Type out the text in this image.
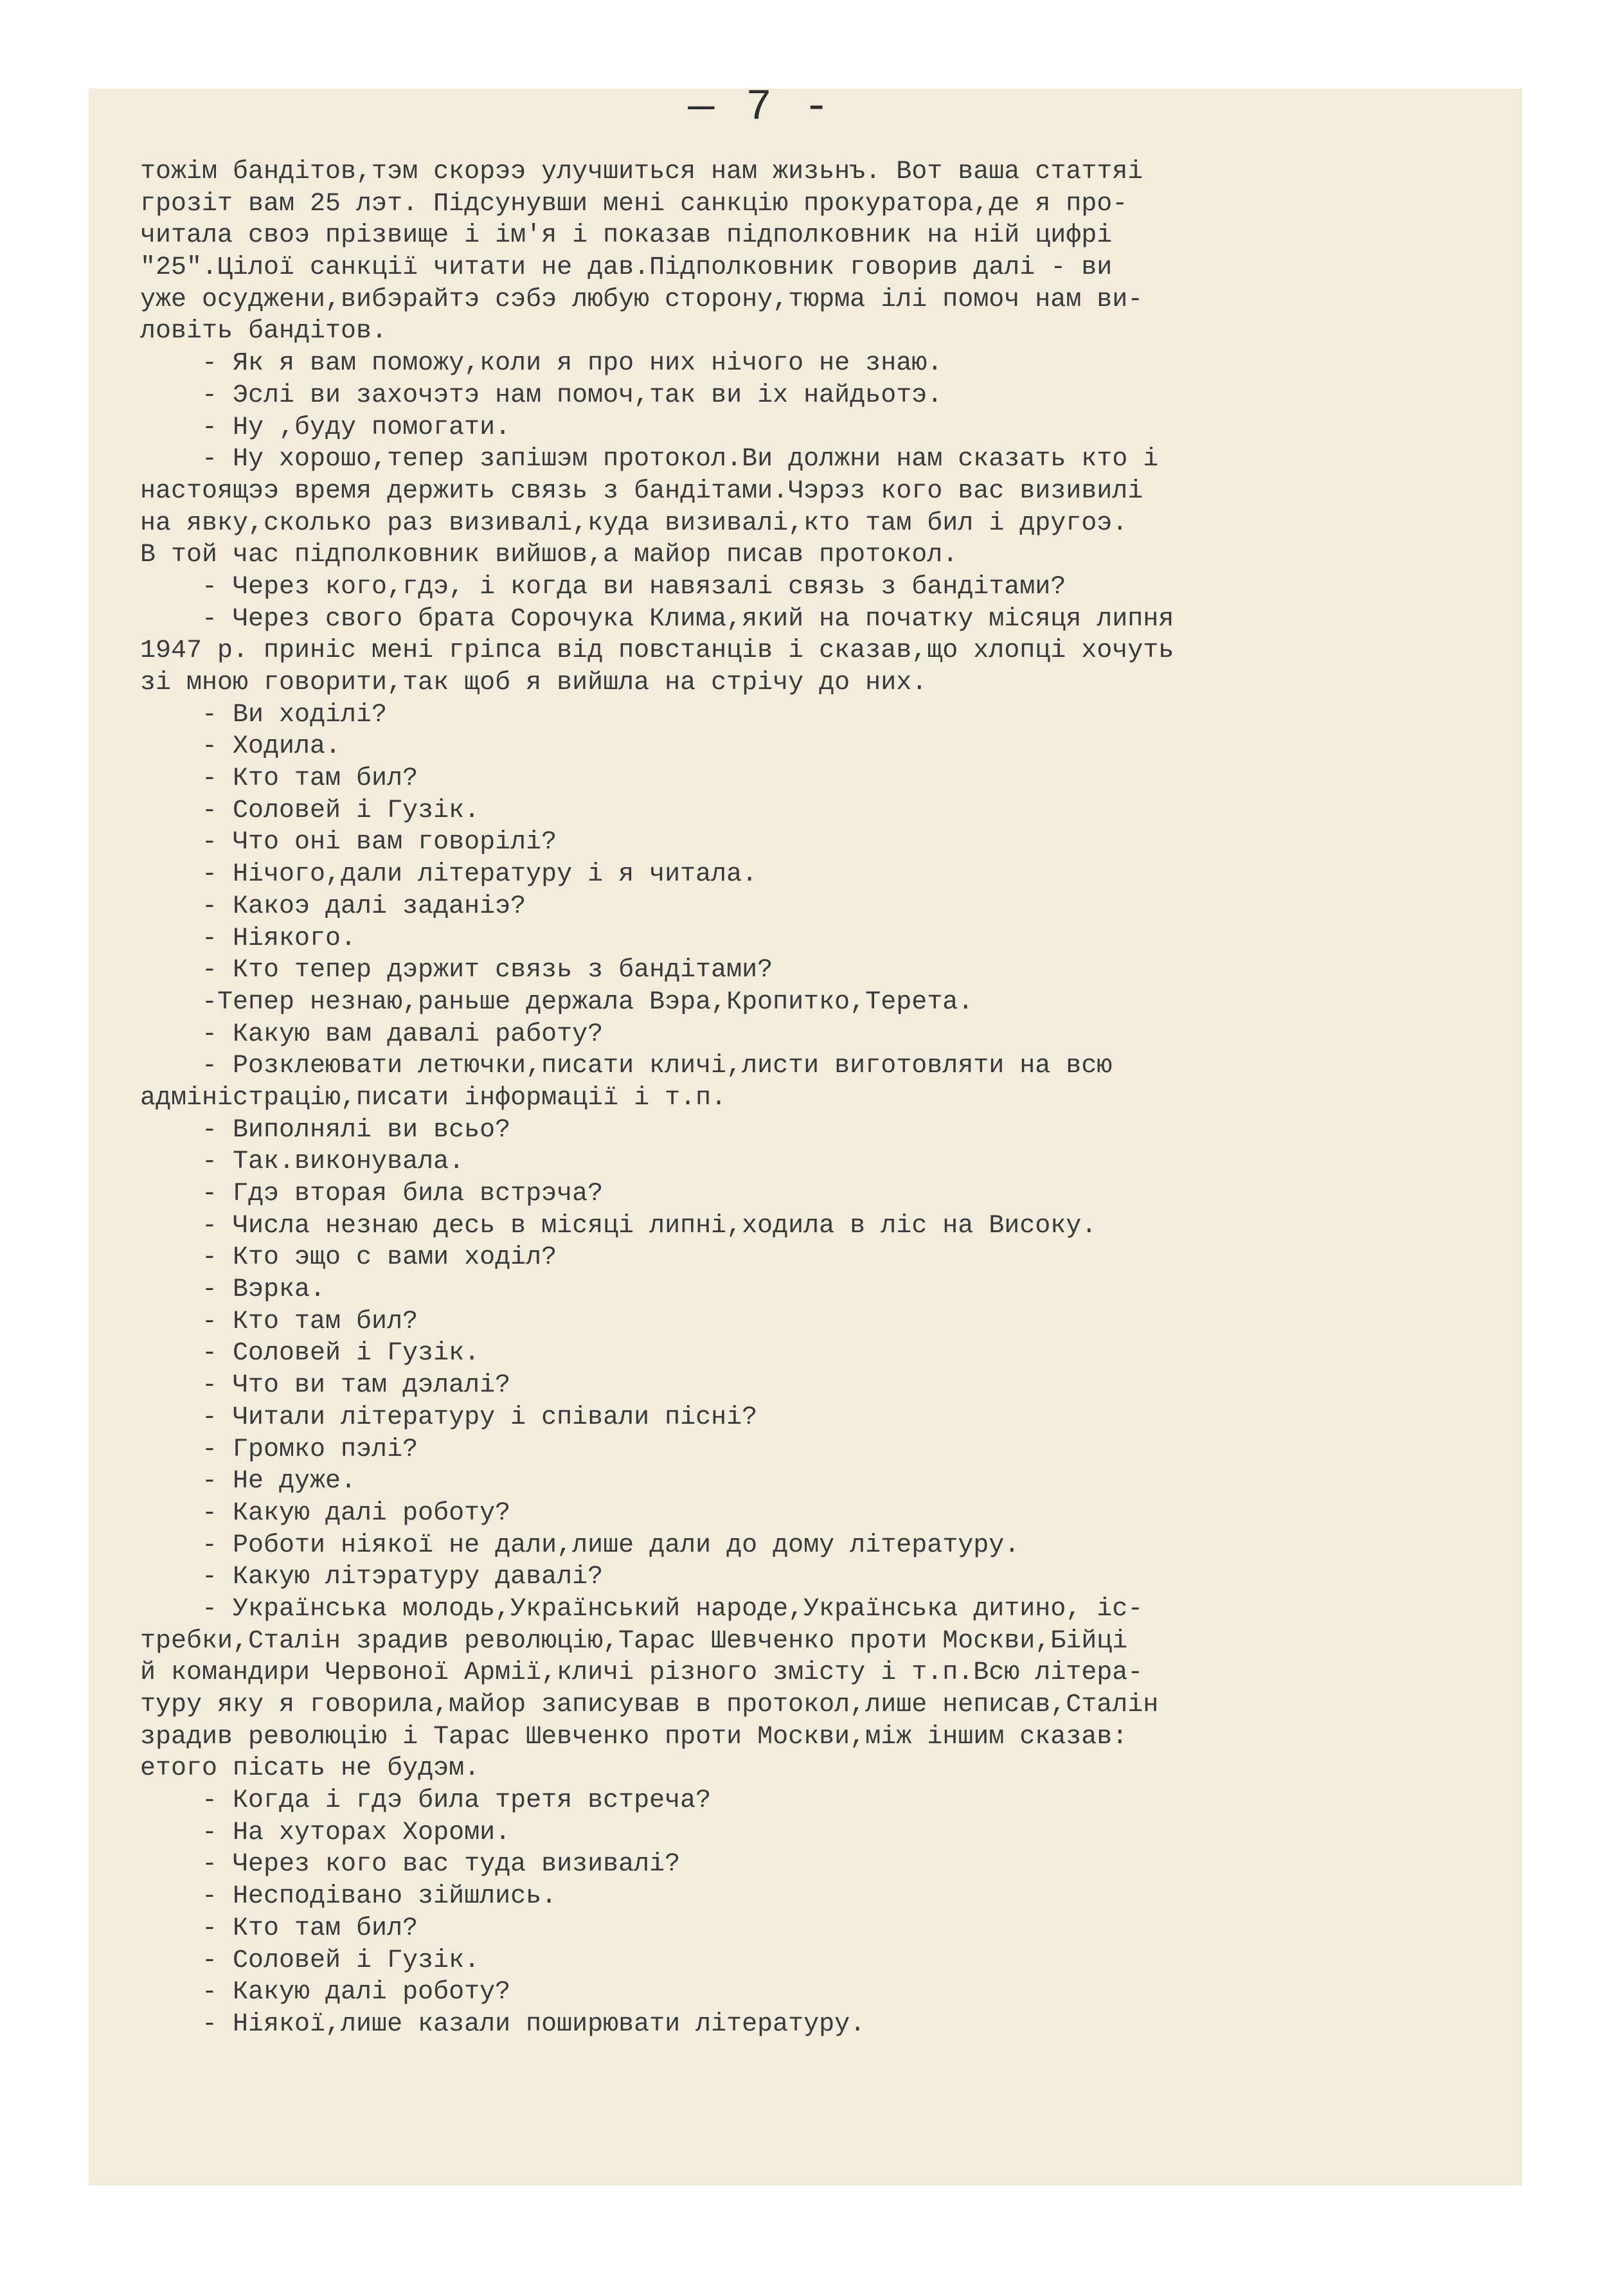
— 7 -
тожім бандітов,тэм скорээ улучшиться нам жизьнъ. Вот ваша статтяi
грозіт вам 25 лэт. Підсунувши мені санкцію прокуратора,де я про-
читала своэ прізвище і ім'я і показав підполковник на ній цифрі
"25".Цілої санкції читати не дав.Підполковник говорив далі - ви
уже осуджени,вибэрайтэ сэбэ любую сторону,тюрма ілі помоч нам ви-
ловіть бандітов.
- Як я вам поможу,коли я про них нічого не знаю.
- Эслі ви захочэтэ нам помоч,так ви іх найдьотэ.
- Ну ,буду помогати.
- Ну хорошо,тепер запішэм протокол.Ви должни нам сказать кто і
настоящээ время держить связь з бандітами.Чэрэз кого вас визивилі
на явку,сколько раз визивалі,куда визивалі,кто там бил і другоэ.
В той час підполковник вийшов,а майор писав протокол.
- Через кого,гдэ, і когда ви навязалі связь з бандітами?
- Через свого брата Сорочука Клима,який на початку місяця липня
1947 р. приніс мені гріпса від повстанців і сказав,що хлопці хочуть
зі мною говорити,так щоб я вийшла на стрічу до них.
- Ви ходілі?
- Ходила.
- Кто там бил?
- Соловей і Гузік.
- Что оні вам говорілі?
- Нічого,дали літературу і я читала.
- Какоэ далі заданіэ?
- Ніякого.
- Кто тепер дэржит связь з бандітами?
-Тепер незнаю,раньше держала Вэра,Кропитко,Терета.
- Какую вам давалі работу?
- Розклеювати летючки,писати кличі,листи виготовляти на всю
адміністрацію,писати інформації і т.п.
- Виполнялі ви всьо?
- Так.виконувала.
- Гдэ вторая била встрэча?
- Числа незнаю десь в місяці липні,ходила в ліс на Високу.
- Кто эщо с вами ходіл?
- Вэрка.
- Кто там бил?
- Соловей і Гузік.
- Что ви там дэлалі?
- Читали літературу і співали пісні?
- Громко пэлі?
- Не дуже.
- Какую далі роботу?
- Роботи ніякої не дали,лише дали до дому літературу.
- Какую літэратуру давалі?
- Українська молодь,Український народе,Українська дитино, іс-
требки,Сталін зрадив революцію,Тарас Шевченко проти Москви,Бійці
й командири Червоної Армії,кличі різного змісту і т.п.Всю літера-
туру яку я говорила,майор записував в протокол,лише неписав,Сталін
зрадив революцію і Тарас Шевченко проти Москви,між іншим сказав:
етого пісать не будэм.
- Когда і гдэ била третя встреча?
- На хуторах Хороми.
- Через кого вас туда визивалі?
- Несподівано зійшлись.
- Кто там бил?
- Соловей і Гузік.
- Какую далі роботу?
- Ніякої,лише казали поширювати літературу.
